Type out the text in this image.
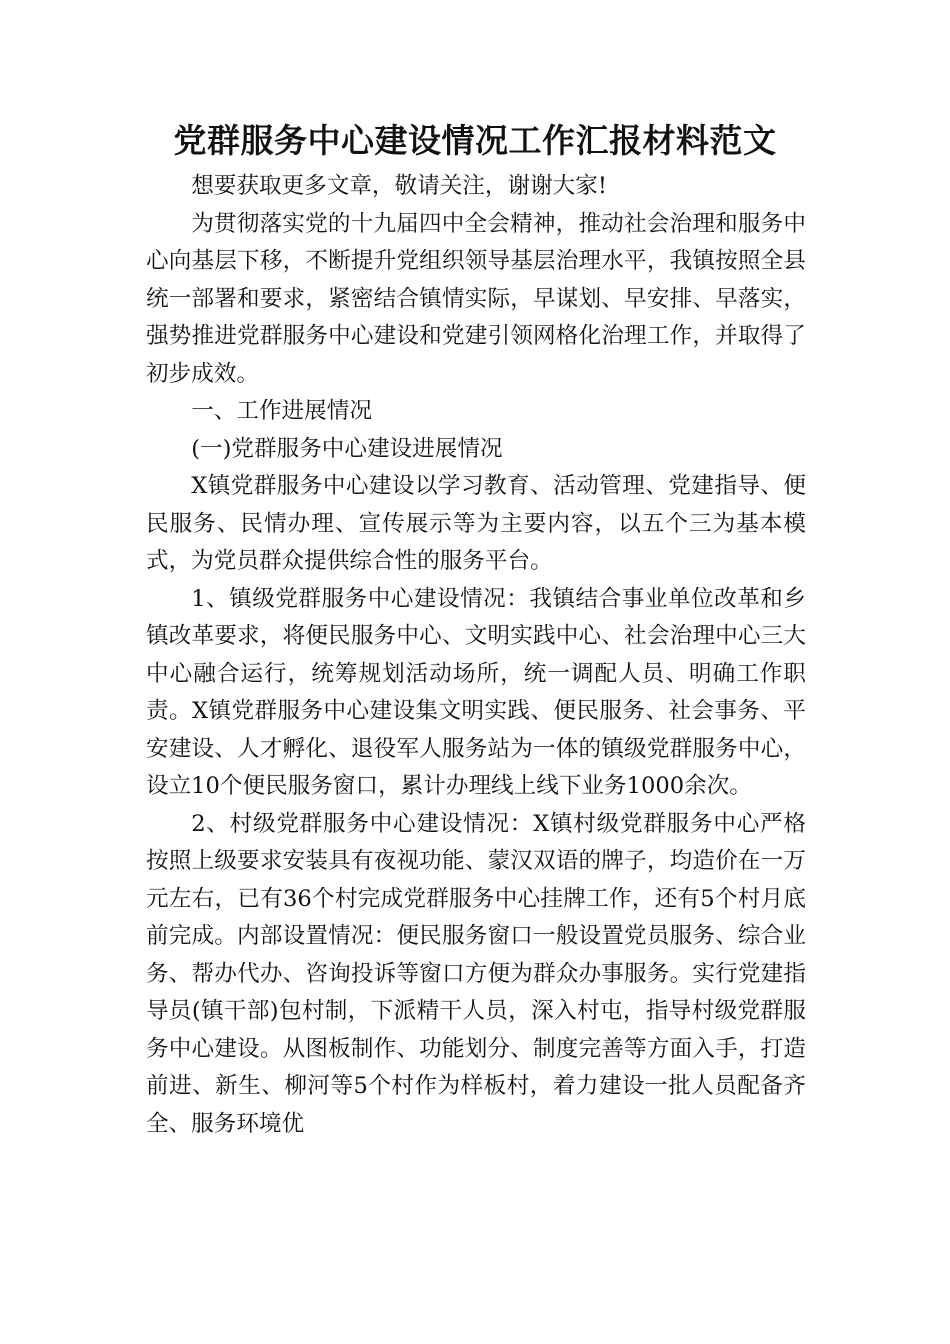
党群服务中心建设情况工作汇报材料范文

想要获取更多文章，敬请关注，谢谢大家!

为贯彻落实党的十九届四中全会精神，推动社会治理和服务中心向基层下移，不断提升党组织领导基层治理水平，我镇按照全县统一部署和要求，紧密结合镇情实际，早谋划、早安排、早落实，强势推进党群服务中心建设和党建引领网格化治理工作，并取得了初步成效。

一、工作进展情况

(一)党群服务中心建设进展情况

X镇党群服务中心建设以学习教育、活动管理、党建指导、便民服务、民情办理、宣传展示等为主要内容，以五个三为基本模式，为党员群众提供综合性的服务平台。

1、镇级党群服务中心建设情况：我镇结合事业单位改革和乡镇改革要求，将便民服务中心、文明实践中心、社会治理中心三大中心融合运行，统筹规划活动场所，统一调配人员、明确工作职责。X镇党群服务中心建设集文明实践、便民服务、社会事务、平安建设、人才孵化、退役军人服务站为一体的镇级党群服务中心，设立10个便民服务窗口，累计办理线上线下业务1000余次。

2、村级党群服务中心建设情况：X镇村级党群服务中心严格按照上级要求安装具有夜视功能、蒙汉双语的牌子，均造价在一万元左右，已有36个村完成党群服务中心挂牌工作，还有5个村月底前完成。内部设置情况：便民服务窗口一般设置党员服务、综合业务、帮办代办、咨询投诉等窗口方便为群众办事服务。实行党建指导员(镇干部)包村制，下派精干人员，深入村屯，指导村级党群服务中心建设。从图板制作、功能划分、制度完善等方面入手，打造前进、新生、柳河等5个村作为样板村，着力建设一批人员配备齐全、服务环境优
